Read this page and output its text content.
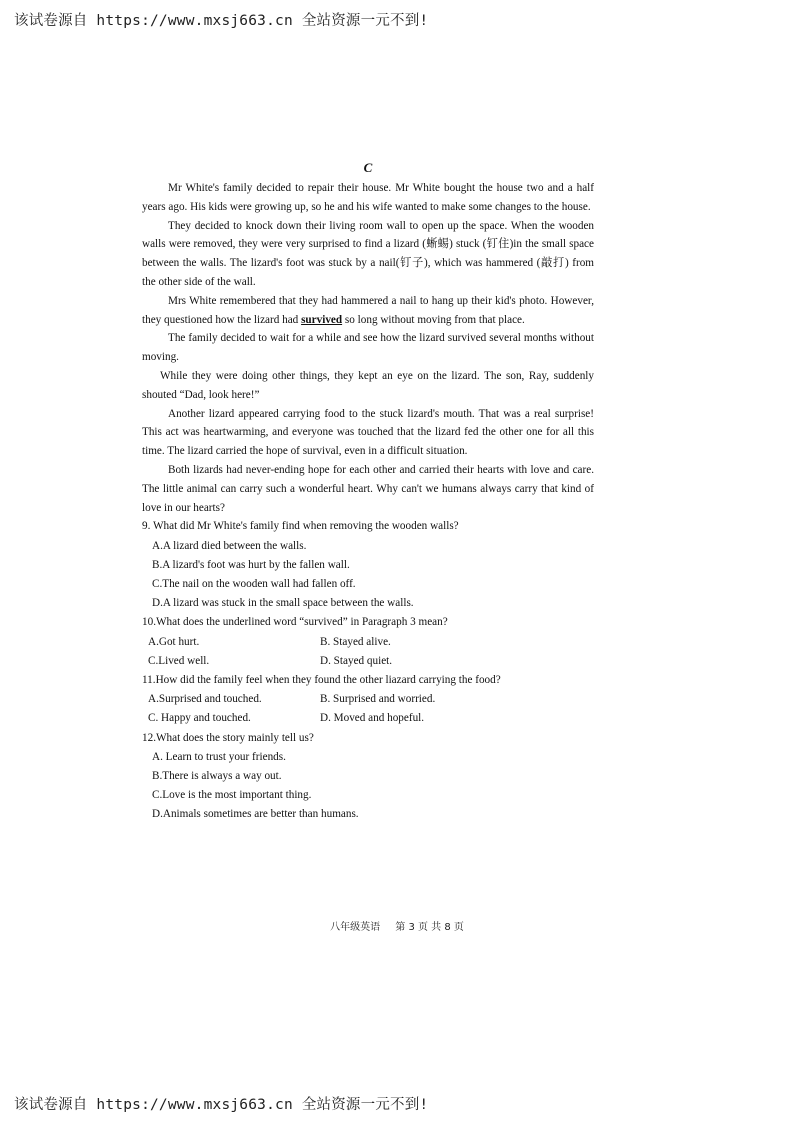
该试卷源自 https://www.mxsj663.cn 全站资源一元不到!
C

Mr White's family decided to repair their house. Mr White bought the house two and a half years ago. His kids were growing up, so he and his wife wanted to make some changes to the house.

They decided to knock down their living room wall to open up the space. When the wooden walls were removed, they were very surprised to find a lizard (蜥蜴) stuck (钉住)in the small space between the walls. The lizard's foot was stuck by a nail(钉子), which was hammered (敲打) from the other side of the wall.

Mrs White remembered that they had hammered a nail to hang up their kid's photo. However, they questioned how the lizard had survived so long without moving from that place.

The family decided to wait for a while and see how the lizard survived several months without moving.

While they were doing other things, they kept an eye on the lizard. The son, Ray, suddenly shouted “Dad, look here!”

Another lizard appeared carrying food to the stuck lizard's mouth. That was a real surprise! This act was heartwarming, and everyone was touched that the lizard fed the other one for all this time. The lizard carried the hope of survival, even in a difficult situation.

Both lizards had never-ending hope for each other and carried their hearts with love and care. The little animal can carry such a wonderful heart. Why can't we humans always carry that kind of love in our hearts?

9. What did Mr White's family find when removing the wooden walls?

A.A lizard died between the walls.

B.A lizard's foot was hurt by the fallen wall.

C.The nail on the wooden wall had fallen off.

D.A lizard was stuck in the small space between the walls.

10.What does the underlined word “survived” in Paragraph 3 mean?

A.Got hurt.	B. Stayed alive.
C.Lived well.	D. Stayed quiet.

11.How did the family feel when they found the other liazard carrying the food?

A.Surprised and touched.	B. Surprised and worried.
C. Happy and touched.	D. Moved and hopeful.

12.What does the story mainly tell us?

A. Learn to trust your friends.

B.There is always a way out.

C.Love is the most important thing.

D.Animals sometimes are better than humans.

八年级英语 第 3 页 共 8 页
该试卷源自 https://www.mxsj663.cn 全站资源一元不到!
